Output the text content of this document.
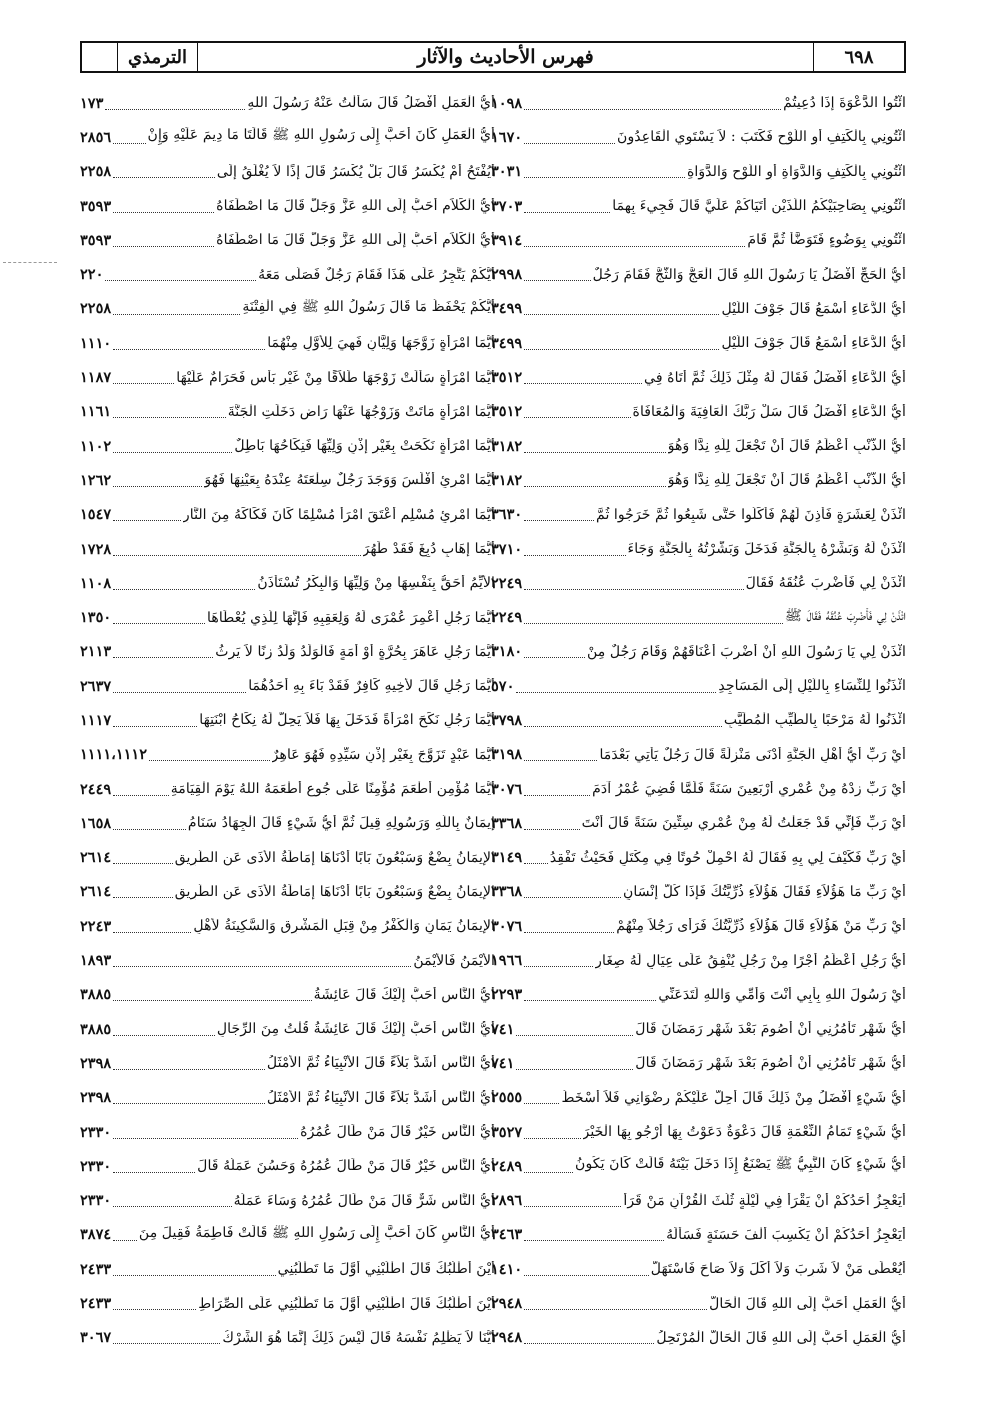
الترمذي	فهرس الأحاديث والآثار	٦٩٨
ائْتُوا الدَّعْوَةَ إِذَا دُعِيتُمْ
١٠٩٨
ائْتُونِي بِالْكَتِفِ أَوِ اللَّوْحِ فَكَتَبَ : لاَ يَسْتَوِي الْقَاعِدُونَ
١٦٧٠
ائْتُونِي بِالْكَتِفِ وَالدَّوَاةِ أَوِ اللَّوْحِ وَالدَّوَاةِ
٣٠٣١
ائْتُونِي بِصَاحِبَيْكُمُ اللَّذَيْنِ أَتَيَاكُمْ عَلَيَّ قَالَ فَجِيءَ بِهِمَا
٣٧٠٣
ائْتُونِي بِوَضُوءٍ فَتَوَضَّأَ ثُمَّ قَامَ
٣٩١٤
أَيُّ الْحَجِّ أَفْضَلُ يَا رَسُولَ اللهِ قَالَ الْعَجُّ وَالثَّجُّ فَقَامَ رَجُلٌ
٢٩٩٨
أَيُّ الدُّعَاءِ أَسْمَعُ قَالَ جَوْفَ اللَّيْلِ
٣٤٩٩
أَيُّ الدُّعَاءِ أَسْمَعُ قَالَ جَوْفَ اللَّيْلِ
٣٤٩٩
أَيُّ الدُّعَاءِ أَفْضَلُ فَقَالَ لَهُ مِثْلَ ذَلِكَ ثُمَّ أَتَاهُ فِي
٣٥١٢
أَيُّ الدُّعَاءِ أَفْضَلُ قَالَ سَلْ رَبَّكَ الْعَافِيَةَ وَالْمُعَافَاةَ
٣٥١٢
أَيُّ الذَّنْبِ أَعْظَمُ قَالَ أَنْ تَجْعَلَ لِلَّهِ نِدًّا وَهُوَ
٣١٨٢
أَيُّ الذَّنْبِ أَعْظَمُ قَالَ أَنْ تَجْعَلَ لِلَّهِ نِدًّا وَهُوَ
٣١٨٢
ائْذَنْ لِعَشَرَةٍ فَأَذِنَ لَهُمْ فَأَكَلُوا حَتَّى شَبِعُوا ثُمَّ خَرَجُوا ثُمَّ
٣٦٣٠
ائْذَنْ لَهُ وَبَشِّرْهُ بِالْجَنَّةِ فَدَخَلَ وَبَشَّرْتُهُ بِالْجَنَّةِ وَجَاءَ
٣٧١٠
ائْذَنْ لِي فَأَضْرِبَ عُنُقَهُ فَقَالَ
٢٢٤٩
ائْذَنْ لِي فَأَضْرِبَ عُنُقَهُ فَقَالَ ﷺ
٢٢٤٩
ائْذَنْ لِي يَا رَسُولَ اللهِ أَنْ أَضْرِبَ أَعْنَاقَهُمْ وَقَامَ رَجُلٌ مِنْ
٣١٨٠
ائْذَنُوا لِلنِّسَاءِ بِاللَّيْلِ إِلَى الْمَسَاجِدِ
٥٧٠
ائْذَنُوا لَهُ مَرْحَبًا بِالطَّيِّبِ الْمُطَيَّبِ
٣٧٩٨
أَيْ رَبِّ أَيُّ أَهْلِ الْجَنَّةِ أَدْنَى مَنْزِلَةً قَالَ رَجُلٌ يَأْتِي بَعْدَمَا
٣١٩٨
أَيْ رَبِّ زِدْهُ مِنْ عُمْرِي أَرْبَعِينَ سَنَةً فَلَمَّا قُضِيَ عُمْرُ آدَمَ
٣٠٧٦
أَيْ رَبِّ فَإِنِّي قَدْ جَعَلْتُ لَهُ مِنْ عُمْرِي سِتِّينَ سَنَةً قَالَ أَنْتَ
٣٣٦٨
أَيْ رَبِّ فَكَيْفَ لِي بِهِ فَقَالَ لَهُ احْمِلْ حُوتًا فِي مِكْتَلٍ فَحَيْثُ تَفْقِدُ
٣١٤٩
أَيْ رَبِّ مَا هَؤُلاَءِ فَقَالَ هَؤُلاَءِ ذُرِّيَّتُكَ فَإِذَا كُلُّ إِنْسَانٍ
٣٣٦٨
أَيْ رَبِّ مَنْ هَؤُلاَءِ قَالَ هَؤُلاَءِ ذُرِّيَّتُكَ فَرَأَى رَجُلاً مِنْهُمْ
٣٠٧٦
أَيُّ رَجُلٍ أَعْظَمُ أَجْرًا مِنْ رَجُلٍ يُنْفِقُ عَلَى عِيَالٍ لَهُ صِغَارٍ
١٩٦٦
أَيْ رَسُولَ اللهِ بِأَبِي أَنْتَ وَأُمِّي وَاللهِ لَتَدَعَنِّي
٢٢٩٣
أَيُّ شَهْرٍ تَأْمُرُنِي أَنْ أَصُومَ بَعْدَ شَهْرِ رَمَضَانَ قَالَ
٧٤١
أَيُّ شَهْرٍ تَأْمُرُنِي أَنْ أَصُومَ بَعْدَ شَهْرِ رَمَضَانَ قَالَ
٧٤١
أَيُّ شَيْءٍ أَفْضَلُ مِنْ ذَلِكَ قَالَ أُحِلُّ عَلَيْكُمْ رِضْوَانِي فَلاَ أَسْخَطُ
٢٥٥٥
أَيُّ شَيْءٍ تَمَامُ النِّعْمَةِ قَالَ دَعْوَةٌ دَعَوْتُ بِهَا أَرْجُو بِهَا الْخَيْرَ
٣٥٢٧
أَيُّ شَيْءٍ كَانَ النَّبِيُّ ﷺ يَصْنَعُ إِذَا دَخَلَ بَيْتَهُ قَالَتْ كَانَ يَكُونُ
٢٤٨٩
أَيَعْجِزُ أَحَدُكُمْ أَنْ يَقْرَأَ فِي لَيْلَةٍ ثُلُثَ الْقُرْآنِ مَنْ قَرَأَ
٢٨٩٦
أَيَعْجِزُ أَحَدُكُمْ أَنْ يَكْسِبَ أَلْفَ حَسَنَةٍ فَسَأَلَهُ
٣٤٦٣
أَيُعْطَى مَنْ لاَ شَرِبَ وَلاَ أَكَلَ وَلاَ صَاحَ فَاسْتَهَلَّ
١٤١٠
أَيُّ الْعَمَلِ أَحَبُّ إِلَى اللهِ قَالَ الْحَالُّ
٢٩٤٨
أَيُّ الْعَمَلِ أَحَبُّ إِلَى اللهِ قَالَ الْحَالُّ الْمُرْتَحِلُ
٢٩٤٨
أَيُّ الْعَمَلِ أَفْضَلُ قَالَ سَأَلْتُ عَنْهُ رَسُولَ اللهِ
١٧٣
أَيُّ الْعَمَلِ كَانَ أَحَبَّ إِلَى رَسُولِ اللهِ ﷺ قَالَتَا مَا دِيمَ عَلَيْهِ وَإِنْ
٢٨٥٦
أَيُفْتَحُ أَمْ يُكْسَرُ قَالَ بَلْ يُكْسَرُ قَالَ إِذًا لاَ يُغْلَقُ إِلَى
٢٢٥٨
أَيُّ الْكَلاَمِ أَحَبُّ إِلَى اللهِ عَزَّ وَجَلَّ قَالَ مَا اصْطَفَاهُ
٣٥٩٣
أَيُّ الْكَلاَمِ أَحَبُّ إِلَى اللهِ عَزَّ وَجَلَّ قَالَ مَا اصْطَفَاهُ
٣٥٩٣
أَيُّكُمْ يَتَّجِرُ عَلَى هَذَا فَقَامَ رَجُلٌ فَصَلَّى مَعَهُ
٢٢٠
أَيُّكُمْ يَحْفَظُ مَا قَالَ رَسُولُ اللهِ ﷺ فِي الْفِتْنَةِ
٢٢٥٨
أَيُّمَا امْرَأَةٍ زَوَّجَهَا وَلِيَّانِ فَهِيَ لِلأَوَّلِ مِنْهُمَا
١١١٠
أَيُّمَا امْرَأَةٍ سَأَلَتْ زَوْجَهَا طَلاَقًا مِنْ غَيْرِ بَأْسٍ فَحَرَامٌ عَلَيْهَا
١١٨٧
أَيُّمَا امْرَأَةٍ مَاتَتْ وَزَوْجُهَا عَنْهَا رَاضٍ دَخَلَتِ الْجَنَّةَ
١١٦١
أَيُّمَا امْرَأَةٍ نَكَحَتْ بِغَيْرِ إِذْنِ وَلِيِّهَا فَنِكَاحُهَا بَاطِلٌ
١١٠٢
أَيُّمَا امْرِئٍ أَفْلَسَ وَوَجَدَ رَجُلٌ سِلْعَتَهُ عِنْدَهُ بِعَيْنِهَا فَهُوَ
١٢٦٢
أَيُّمَا امْرِئٍ مُسْلِمٍ أَعْتَقَ امْرَأً مُسْلِمًا كَانَ فَكَاكَهُ مِنَ النَّارِ
١٥٤٧
أَيُّمَا إِهَابٍ دُبِغَ فَقَدْ طَهُرَ
١٧٢٨
الأَيِّمُ أَحَقُّ بِنَفْسِهَا مِنْ وَلِيِّهَا وَالْبِكْرُ تُسْتَأْذَنُ
١١٠٨
أَيُّمَا رَجُلٍ أُعْمِرَ عُمْرَى لَهُ وَلِعَقِبِهِ فَإِنَّهَا لِلَّذِي يُعْطَاهَا
١٣٥٠
أَيُّمَا رَجُلٍ عَاهَرَ بِحُرَّةٍ أَوْ أَمَةٍ فَالْوَلَدُ وَلَدُ زِنًا لاَ يَرِثُ
٢١١٣
أَيُّمَا رَجُلٍ قَالَ لأَخِيهِ كَافِرٌ فَقَدْ بَاءَ بِهِ أَحَدُهُمَا
٢٦٣٧
أَيُّمَا رَجُلٍ نَكَحَ امْرَأَةً فَدَخَلَ بِهَا فَلاَ يَحِلُّ لَهُ نِكَاحُ ابْنَتِهَا
١١١٧
أَيُّمَا عَبْدٍ تَزَوَّجَ بِغَيْرِ إِذْنِ سَيِّدِهِ فَهُوَ عَاهِرٌ
١١١١،١١١٢
أَيُّمَا مُؤْمِنٍ أَطْعَمَ مُؤْمِنًا عَلَى جُوعٍ أَطْعَمَهُ اللهُ يَوْمَ الْقِيَامَةِ
٢٤٤٩
إِيمَانٌ بِاللَّهِ وَرَسُولِهِ قِيلَ ثُمَّ أَيُّ شَيْءٍ قَالَ الْجِهَادُ سَنَامُ
١٦٥٨
الإِيمَانُ بِضْعٌ وَسَبْعُونَ بَابًا أَدْنَاهَا إِمَاطَةُ الأَذَى عَنِ الطَّرِيقِ
٢٦١٤
الإِيمَانُ بِضْعٌ وَسَبْعُونَ بَابًا أَدْنَاهَا إِمَاطَةُ الأَذَى عَنِ الطَّرِيقِ
٢٦١٤
الإِيمَانُ يَمَانٍ وَالْكُفْرُ مِنْ قِبَلِ الْمَشْرِقِ وَالسَّكِينَةُ لأَهْلِ
٢٢٤٣
الأَيْمَنُ فَالأَيْمَنُ
١٨٩٣
أَيُّ النَّاسِ أَحَبُّ إِلَيْكَ قَالَ عَائِشَةُ
٣٨٨٥
أَيُّ النَّاسِ أَحَبُّ إِلَيْكَ قَالَ عَائِشَةُ قُلْتُ مِنَ الرِّجَالِ
٣٨٨٥
أَيُّ النَّاسِ أَشَدُّ بَلاَءً قَالَ الأَنْبِيَاءُ ثُمَّ الأَمْثَلُ
٢٣٩٨
أَيُّ النَّاسِ أَشَدُّ بَلاَءً قَالَ الأَنْبِيَاءُ ثُمَّ الأَمْثَلُ
٢٣٩٨
أَيُّ النَّاسِ خَيْرٌ قَالَ مَنْ طَالَ عُمُرُهُ
٢٣٣٠
أَيُّ النَّاسِ خَيْرٌ قَالَ مَنْ طَالَ عُمُرُهُ وَحَسُنَ عَمَلُهُ قَالَ
٢٣٣٠
أَيُّ النَّاسِ شَرٌّ قَالَ مَنْ طَالَ عُمُرُهُ وَسَاءَ عَمَلُهُ
٢٣٣٠
أَيُّ النَّاسِ كَانَ أَحَبَّ إِلَى رَسُولِ اللهِ ﷺ قَالَتْ فَاطِمَةُ فَقِيلَ مِنَ
٣٨٧٤
أَيْنَ أَطْلُبُكَ قَالَ اطْلُبْنِي أَوَّلَ مَا تَطْلُبُنِي
٢٤٣٣
أَيْنَ أَطْلُبُكَ قَالَ اطْلُبْنِي أَوَّلَ مَا تَطْلُبُنِي عَلَى الصِّرَاطِ
٢٤٣٣
أَيُّنَا لاَ يَظْلِمُ نَفْسَهُ قَالَ لَيْسَ ذَلِكَ إِنَّمَا هُوَ الشِّرْكُ
٣٠٦٧
